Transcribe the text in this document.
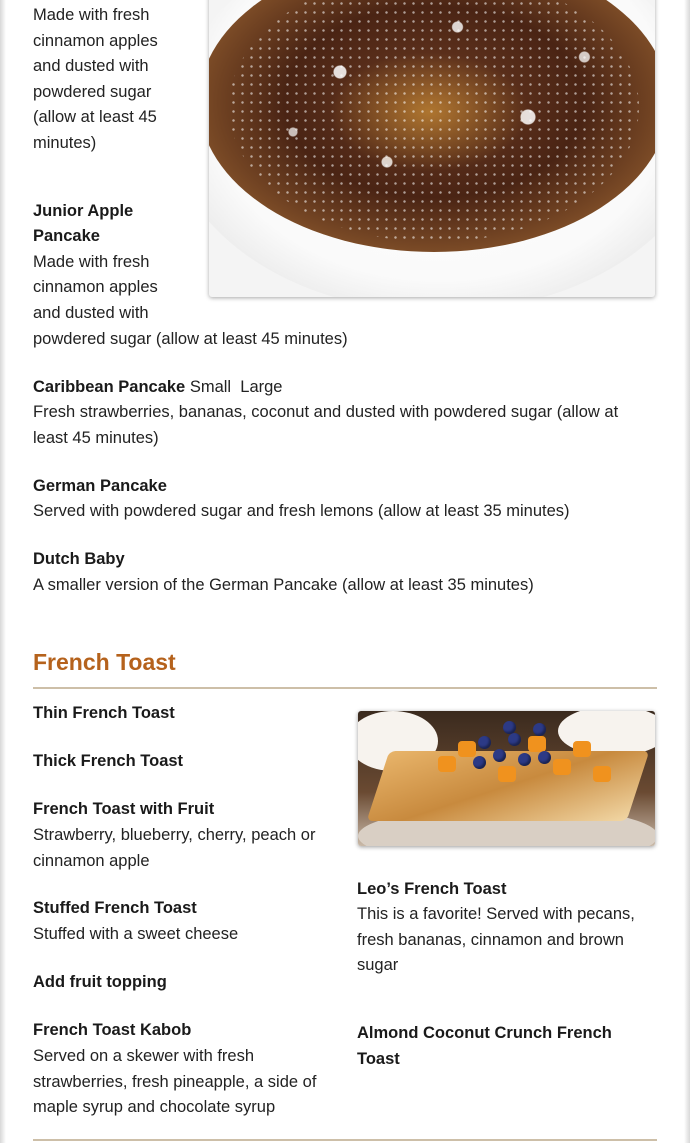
Made with fresh cinnamon apples and dusted with powdered sugar (allow at least 45 minutes)
Junior Apple
Pancake
Made with fresh
cinnamon apples
and dusted with
powdered sugar (allow at least 45 minutes)
Caribbean Pancake Small  Large
Fresh strawberries, bananas, coconut and dusted with powdered sugar (allow at least 45 minutes)
German Pancake
Served with powdered sugar and fresh lemons (allow at least 35 minutes)
Dutch Baby
A smaller version of the German Pancake (allow at least 35 minutes)
French Toast
Thin French Toast
Thick French Toast
French Toast with Fruit
Strawberry, blueberry, cherry, peach or cinnamon apple
Stuffed French Toast
Stuffed with a sweet cheese
Add fruit topping
French Toast Kabob
Served on a skewer with fresh strawberries, fresh pineapple, a side of maple syrup and chocolate syrup
Leo’s French Toast
This is a favorite! Served with pecans, fresh bananas, cinnamon and brown sugar
Almond Coconut Crunch French Toast
